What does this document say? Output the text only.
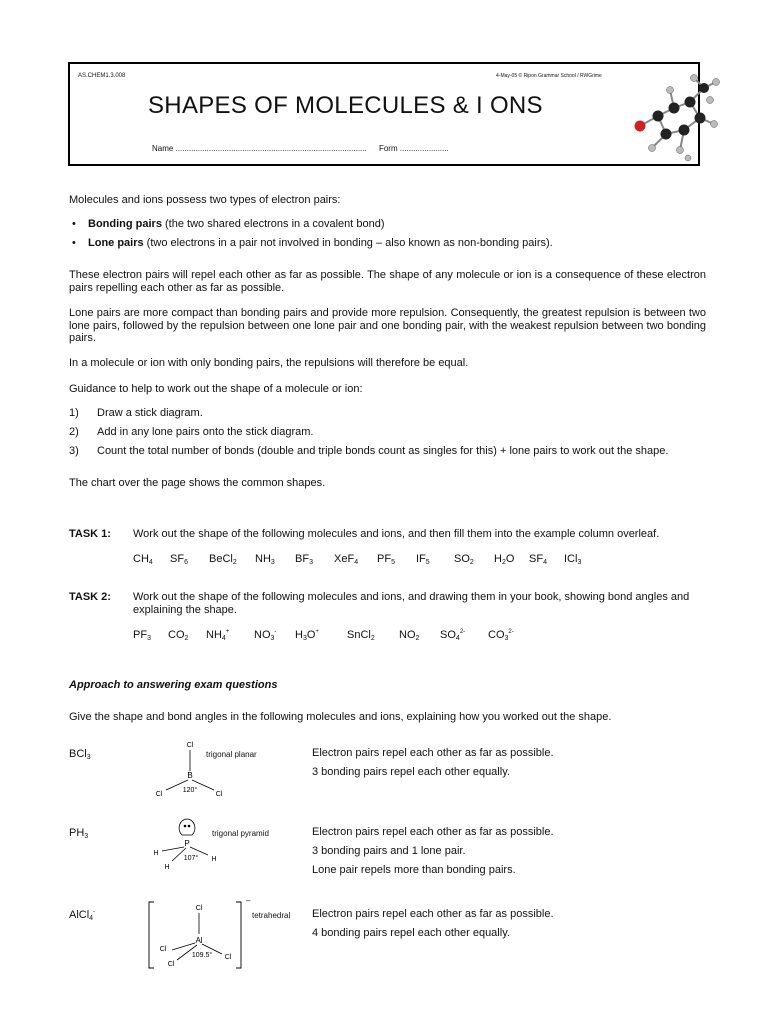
AS.CHEM1.3.008	4-May-05 © Ripon Grammar School / RWGrime
SHAPES OF MOLECULES & I ONS
Name ...................................................................................... Form ......................
Molecules and ions possess two types of electron pairs:
• Bonding pairs (the two shared electrons in a covalent bond)
• Lone pairs (two electrons in a pair not involved in bonding – also known as non-bonding pairs).
These electron pairs will repel each other as far as possible. The shape of any molecule or ion is a consequence of these electron pairs repelling each other as far as possible.
Lone pairs are more compact than bonding pairs and provide more repulsion. Consequently, the greatest repulsion is between two lone pairs, followed by the repulsion between one lone pair and one bonding pair, with the weakest repulsion between two bonding pairs.
In a molecule or ion with only bonding pairs, the repulsions will therefore be equal.
Guidance to help to work out the shape of a molecule or ion:
1) Draw a stick diagram.
2) Add in any lone pairs onto the stick diagram.
3) Count the total number of bonds (double and triple bonds count as singles for this) + lone pairs to work out the shape.
The chart over the page shows the common shapes.
TASK 1: Work out the shape of the following molecules and ions, and then fill them into the example column overleaf.
$CH_4$ $SF_6$ BeCl$_2$ $NH_3$ $BF_3$ XeF$_4$ $PF_5$ $IF_5$ $SO_2$ $H_2O$ $SF_4$ ICl$_3$
TASK 2: Work out the shape of the following molecules and ions, and drawing them in your book, showing bond angles and explaining the shape.
$PF_3$ $CO_2$ $NH_4^+$ $NO_3^-$ $H_3O^+$	SnCl$_2$ $NO_2$ $SO_4^{2-}$ $CO_3^{2-}$
Approach to answering exam questions
Give the shape and bond angles in the following molecules and ions, explaining how you worked out the shape.
BCl$_3$
Cl
B
Cl	Cl
120°
trigonal planar	Electron pairs repel each other as far as possible.
3 bonding pairs repel each other equally.
$PH_3$
P
H
H
H
107°
trigonal pyramid	Electron pairs repel each other as far as possible.
3 bonding pairs and 1 lone pair.
Lone pair repels more than bonding pairs.
AlCl$_4$-	Cl
Al
Cl
Cl
Cl
109.5°
–
tetrahedral Electron pairs repel each other as far as possible.
4 bonding pairs repel each other equally.
